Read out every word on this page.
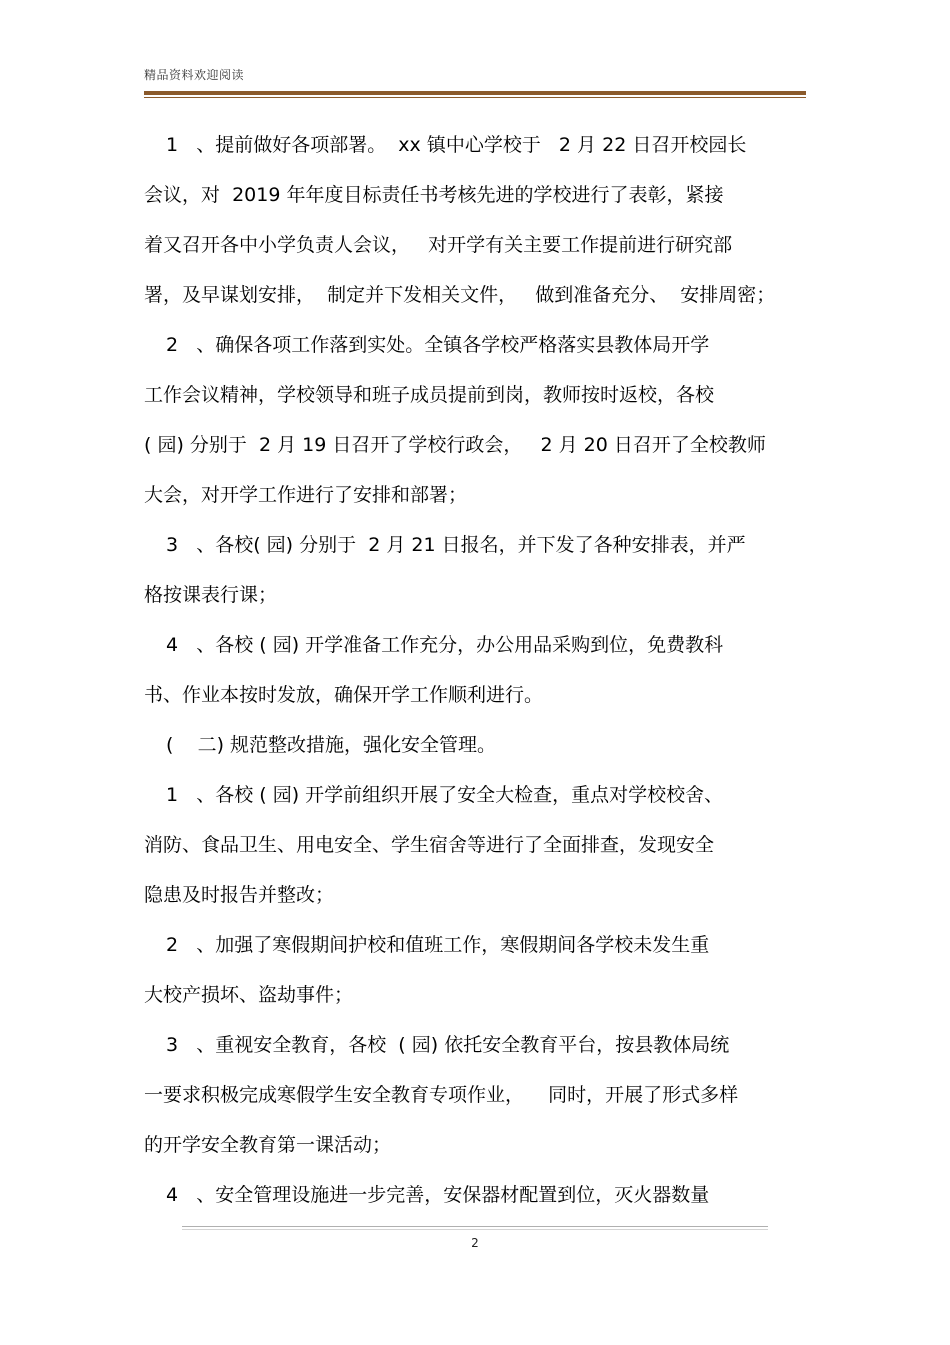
精品资料欢迎阅读
1   、提前做好各项部署。  xx 镇中心学校于   2 月 22 日召开校园长
会议，对  2019 年年度目标责任书考核先进的学校进行了表彰，紧接
着又召开各中小学负责人会议，   对开学有关主要工作提前进行研究部
署，及早谋划安排，  制定并下发相关文件，   做到准备充分、  安排周密；
2   、确保各项工作落到实处。全镇各学校严格落实县教体局开学
工作会议精神，学校领导和班子成员提前到岗，教师按时返校，各校
( 园) 分别于  2 月 19 日召开了学校行政会，   2 月 20 日召开了全校教师
大会，对开学工作进行了安排和部署；
3   、各校( 园) 分别于  2 月 21 日报名，并下发了各种安排表，并严
格按课表行课；
4   、各校 ( 园) 开学准备工作充分，办公用品采购到位，免费教科
书、作业本按时发放，确保开学工作顺利进行。
(    二) 规范整改措施，强化安全管理。
1   、各校 ( 园) 开学前组织开展了安全大检查，重点对学校校舍、
消防、食品卫生、用电安全、学生宿舍等进行了全面排查，发现安全
隐患及时报告并整改；
2   、加强了寒假期间护校和值班工作，寒假期间各学校未发生重
大校产损坏、盗劫事件；
3   、重视安全教育，各校  ( 园) 依托安全教育平台，按县教体局统
一要求积极完成寒假学生安全教育专项作业，    同时，开展了形式多样
的开学安全教育第一课活动；
4   、安全管理设施进一步完善，安保器材配置到位，灭火器数量
2
